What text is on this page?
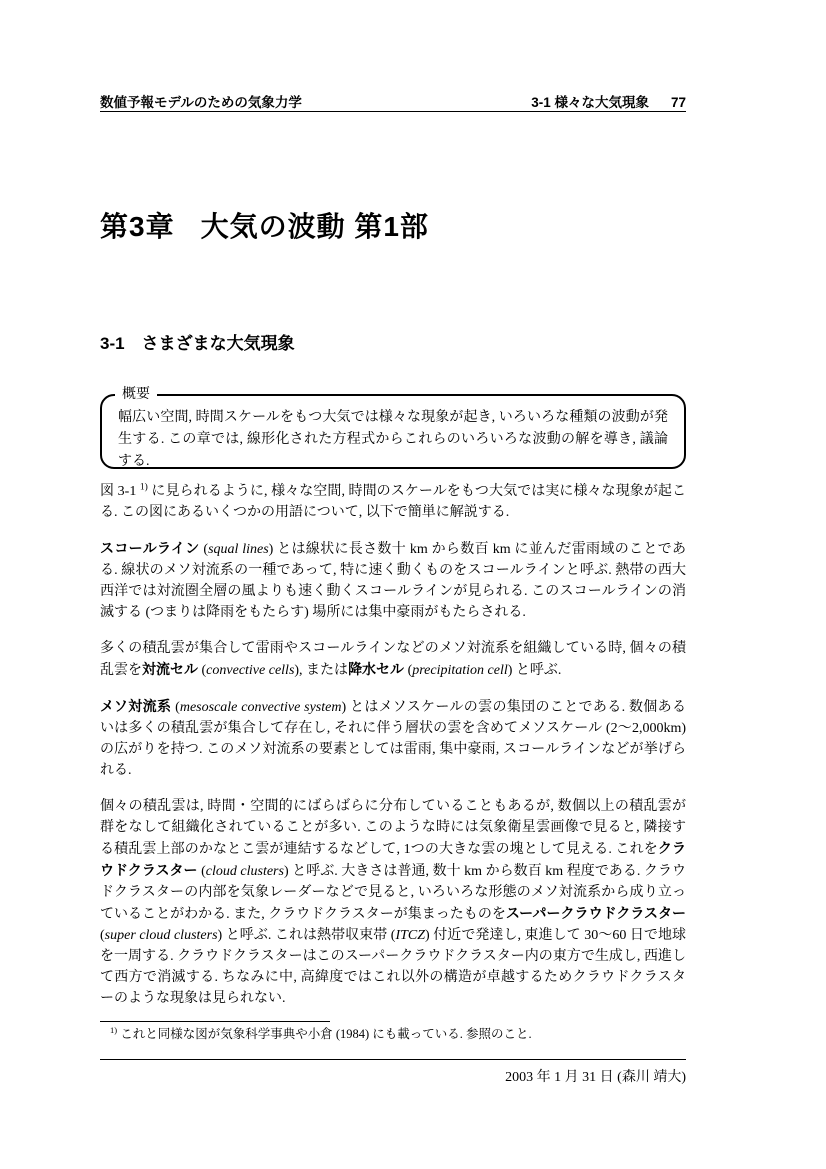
数値予報モデルのための気象力学	3-1 様々な大気現象 77
第3章 大気の波動 第1部
3-1 さまざまな大気現象
概要
幅広い空間, 時間スケールをもつ大気では様々な現象が起き, いろいろな種類の波動が発生する. この章では, 線形化された方程式からこれらのいろいろな波動の解を導き, 議論する.

図 3-1 $^{1)}$ に見られるように, 様々な空間, 時間のスケールをもつ大気では実に様々な現象が起こる. この図にあるいくつかの用語について, 以下で簡単に解説する.

スコールライン (squal lines) とは線状に長さ数十 km から数百 km に並んだ雷雨域のことである. 線状のメソ対流系の一種であって, 特に速く動くものをスコールラインと呼ぶ. 熱帯の西大西洋では対流圏全層の風よりも速く動くスコールラインが見られる. このスコールラインの消滅する (つまりは降雨をもたらす) 場所には集中豪雨がもたらされる.

多くの積乱雲が集合して雷雨やスコールラインなどのメソ対流系を組織している時, 個々の積乱雲を対流セル (convective cells), または降水セル (precipitation cell) と呼ぶ.

メソ対流系 (mesoscale convective system) とはメソスケールの雲の集団のことである. 数個あるいは多くの積乱雲が集合して存在し, それに伴う層状の雲を含めてメソスケール (2〜2,000km) の広がりを持つ. このメソ対流系の要素としては雷雨, 集中豪雨, スコールラインなどが挙げられる.

個々の積乱雲は, 時間・空間的にばらばらに分布していることもあるが, 数個以上の積乱雲が群をなして組織化されていることが多い. このような時には気象衛星雲画像で見ると, 隣接する積乱雲上部のかなとこ雲が連結するなどして, 1つの大きな雲の塊として見える. これをクラウドクラスター (cloud clusters) と呼ぶ. 大きさは普通, 数十 km から数百 km 程度である. クラウドクラスターの内部を気象レーダーなどで見ると, いろいろな形態のメソ対流系から成り立っていることがわかる. また, クラウドクラスターが集まったものをスーパークラウドクラスター (super cloud clusters) と呼ぶ. これは熱帯収束帯 (ITCZ) 付近で発達し, 東進して 30〜60 日で地球を一周する. クラウドクラスターはこのスーパークラウドクラスター内の東方で生成し, 西進して西方で消滅する. ちなみに中, 高緯度ではこれ以外の構造が卓越するためクラウドクラスターのような現象は見られない.

$^{1)}$ これと同様な図が気象科学事典や小倉 (1984) にも載っている. 参照のこと.
2003 年 1 月 31 日 (森川 靖大)
